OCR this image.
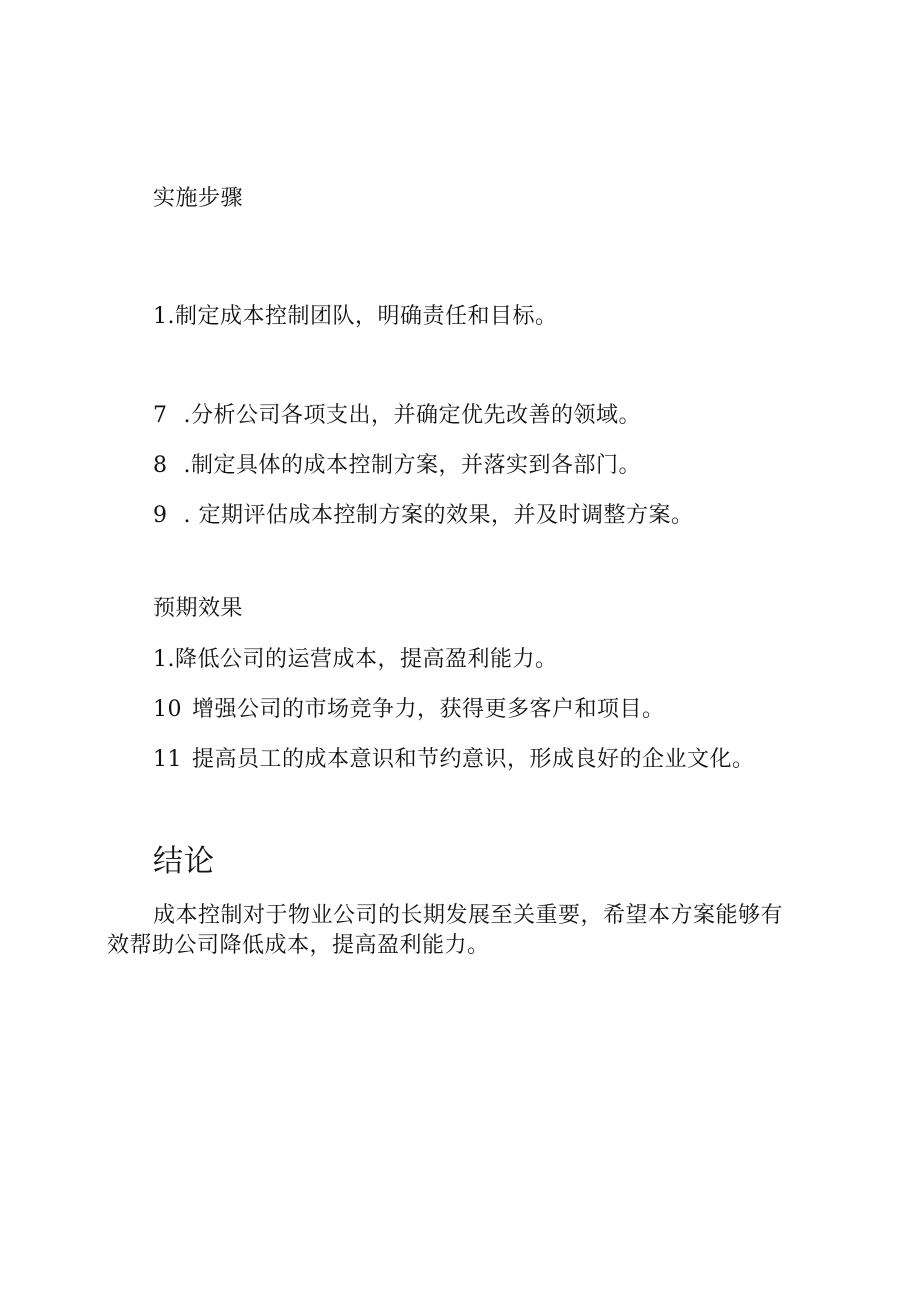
实施步骤
1.制定成本控制团队，明确责任和目标。
7 .分析公司各项支出，并确定优先改善的领域。
8 .制定具体的成本控制方案，并落实到各部门。
9 . 定期评估成本控制方案的效果，并及时调整方案。
预期效果
1.降低公司的运营成本，提高盈利能力。
10 增强公司的市场竞争力，获得更多客户和项目。
11 提高员工的成本意识和节约意识，形成良好的企业文化。
结论
成本控制对于物业公司的长期发展至关重要，希望本方案能够有
效帮助公司降低成本，提高盈利能力。
